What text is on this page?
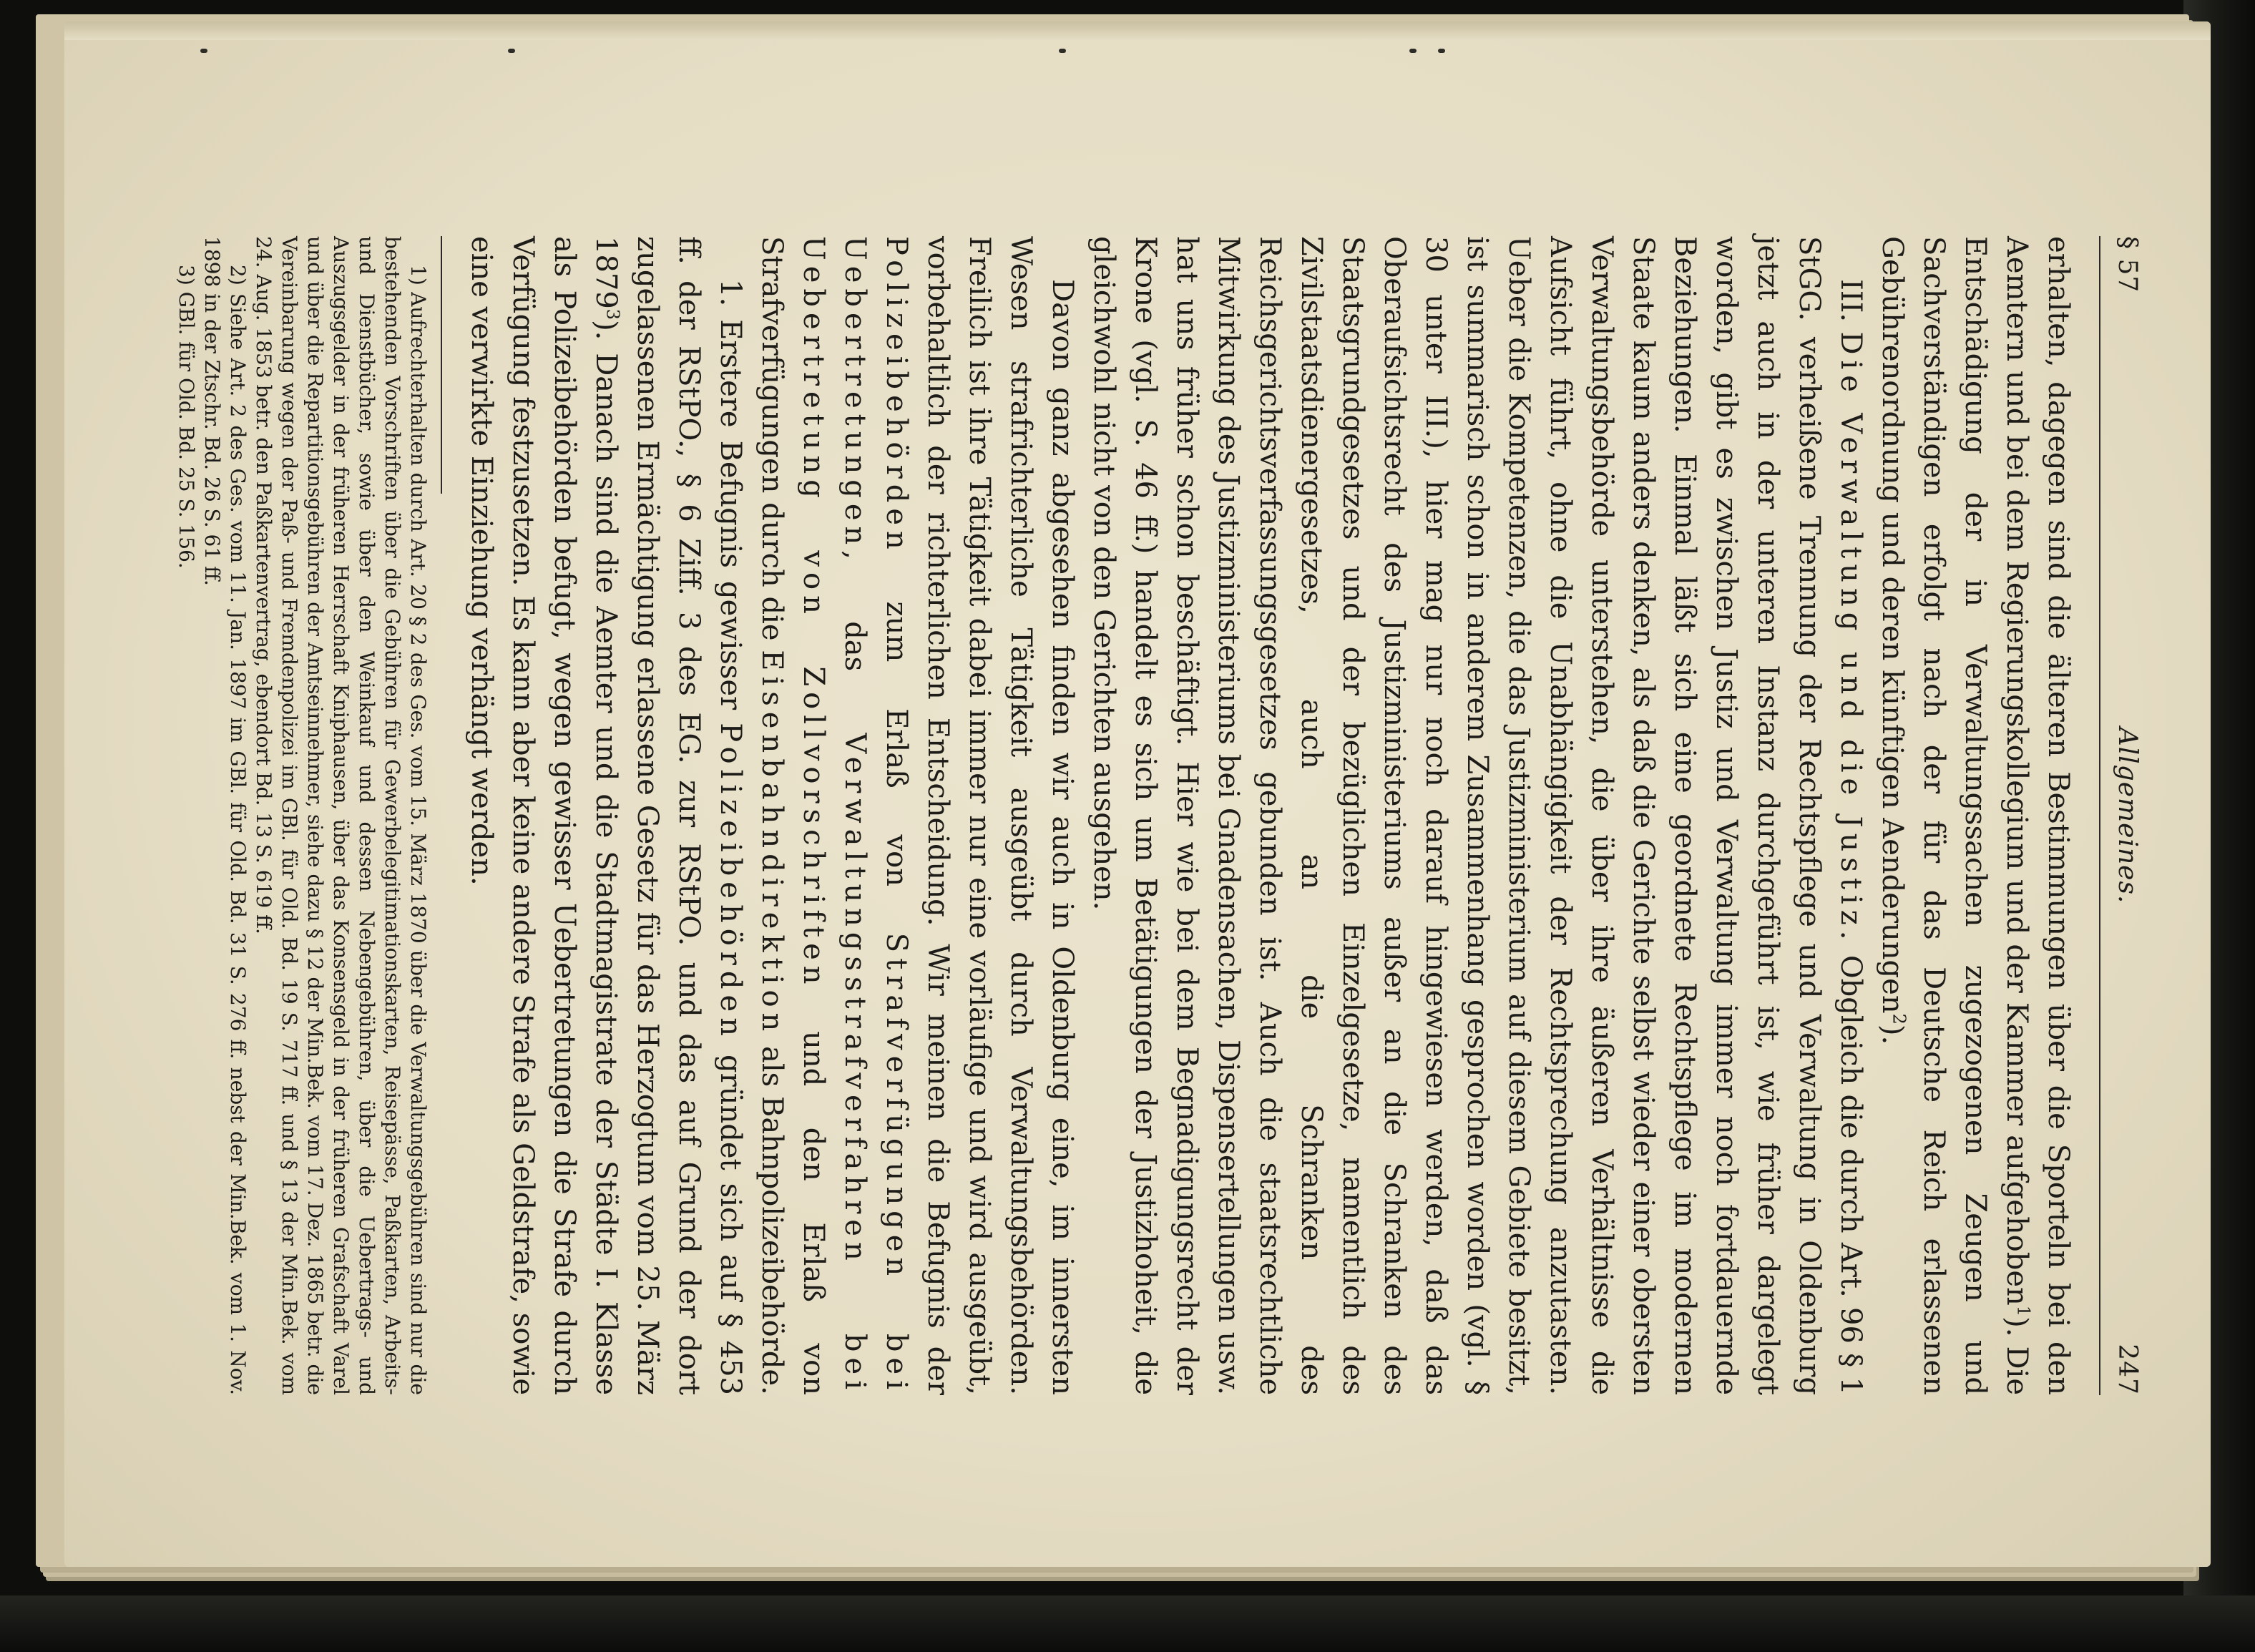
§ 57
Allgemeines.
247

erhalten, dagegen sind die älteren Bestimmungen über die Sporteln bei den Aemtern und bei dem Regierungskollegium und der Kammer aufgehoben$^1$). Die Entschädigung der in Verwaltungssachen zugezogenen Zeugen und Sachverständigen erfolgt nach der für das Deutsche Reich erlassenen Gebührenordnung und deren künftigen Aenderungen$^2$).

III. Die Verwaltung und die Justiz. Obgleich die durch Art. 96 § 1 StGG. verheißene Trennung der Rechtspflege und Verwaltung in Oldenburg jetzt auch in der unteren Instanz durchgeführt ist, wie früher dargelegt worden, gibt es zwischen Justiz und Verwaltung immer noch fortdauernde Beziehungen. Einmal läßt sich eine geordnete Rechtspflege im modernen Staate kaum anders denken, als daß die Gerichte selbst wieder einer obersten Verwaltungsbehörde unterstehen, die über ihre äußeren Verhältnisse die Aufsicht führt, ohne die Unabhängigkeit der Rechtsprechung anzutasten. Ueber die Kompetenzen, die das Justizministerium auf diesem Gebiete besitzt, ist summarisch schon in anderem Zusammenhang gesprochen worden (vgl. § 30 unter III.), hier mag nur noch darauf hingewiesen werden, daß das Oberaufsichtsrecht des Justizministeriums außer an die Schranken des Staatsgrundgesetzes und der bezüglichen Einzelgesetze, namentlich des Zivilstaatsdienergesetzes, auch an die Schranken des Reichsgerichtsverfassungsgesetzes gebunden ist. Auch die staatsrechtliche Mitwirkung des Justizministeriums bei Gnadensachen, Dispensertellungen usw. hat uns früher schon beschäftigt. Hier wie bei dem Begnadigungsrecht der Krone (vgl. S. 46 ff.) handelt es sich um Betätigungen der Justizhoheit, die gleichwohl nicht von den Gerichten ausgehen.

Davon ganz abgesehen finden wir auch in Oldenburg eine, im innersten Wesen strafrichterliche Tätigkeit ausgeübt durch Verwaltungsbehörden. Freilich ist ihre Tätigkeit dabei immer nur eine vorläufige und wird ausgeübt, vorbehaltlich der richterlichen Entscheidung. Wir meinen die Befugnis der Polizeibehörden zum Erlaß von Strafverfügungen bei Uebertretungen, das Verwaltungsstrafverfahren bei Uebertretung von Zollvorschriften und den Erlaß von Strafverfügungen durch die Eisenbahndirektion als Bahnpolizeibehörde.

1. Erstere Befugnis gewisser Polizeibehörden gründet sich auf § 453 ff. der RStPO., § 6 Ziff. 3 des EG. zur RStPO. und das auf Grund der dort zugelassenen Ermächtigung erlassene Gesetz für das Herzogtum vom 25. März 1879$^3$). Danach sind die Aemter und die Stadtmagistrate der Städte I. Klasse als Polizeibehörden befugt, wegen gewisser Uebertretungen die Strafe durch Verfügung festzusetzen. Es kann aber keine andere Strafe als Geldstrafe, sowie eine verwirkte Einziehung verhängt werden.

1) Aufrechterhalten durch Art. 20 § 2 des Ges. vom 15. März 1870 über die Verwaltungsgebühren sind nur die bestehenden Vorschriften über die Gebühren für Gewerbelegitimationskarten, Reisepässe, Paßkarten, Arbeits- und Dienstbücher, sowie über den Weinkauf und dessen Nebengebühren, über die Uebertrags- und Auszugsgelder in der früheren Herrschaft Kniphausen, über das Konsensgeld in der früheren Grafschaft Varel und über die Repartitionsgebühren der Amtseinnehmer, siehe dazu § 12 der Min.Bek. vom 17. Dez. 1865 betr. die Vereinbarung wegen der Paß- und Fremdenpolizei im GBl. für Old. Bd. 19 S. 717 ff. und § 13 der Min.Bek. vom 24. Aug. 1853 betr. den Paßkartenvertrag, ebendort Bd. 13 S. 619 ff.

2) Siehe Art. 2 des Ges. vom 11. Jan. 1897 im GBl. für Old. Bd. 31 S. 276 ff. nebst der Min.Bek. vom 1. Nov. 1898 in der Ztschr. Bd. 26 S. 61 ff.

3) GBl. für Old. Bd. 25 S. 156.
